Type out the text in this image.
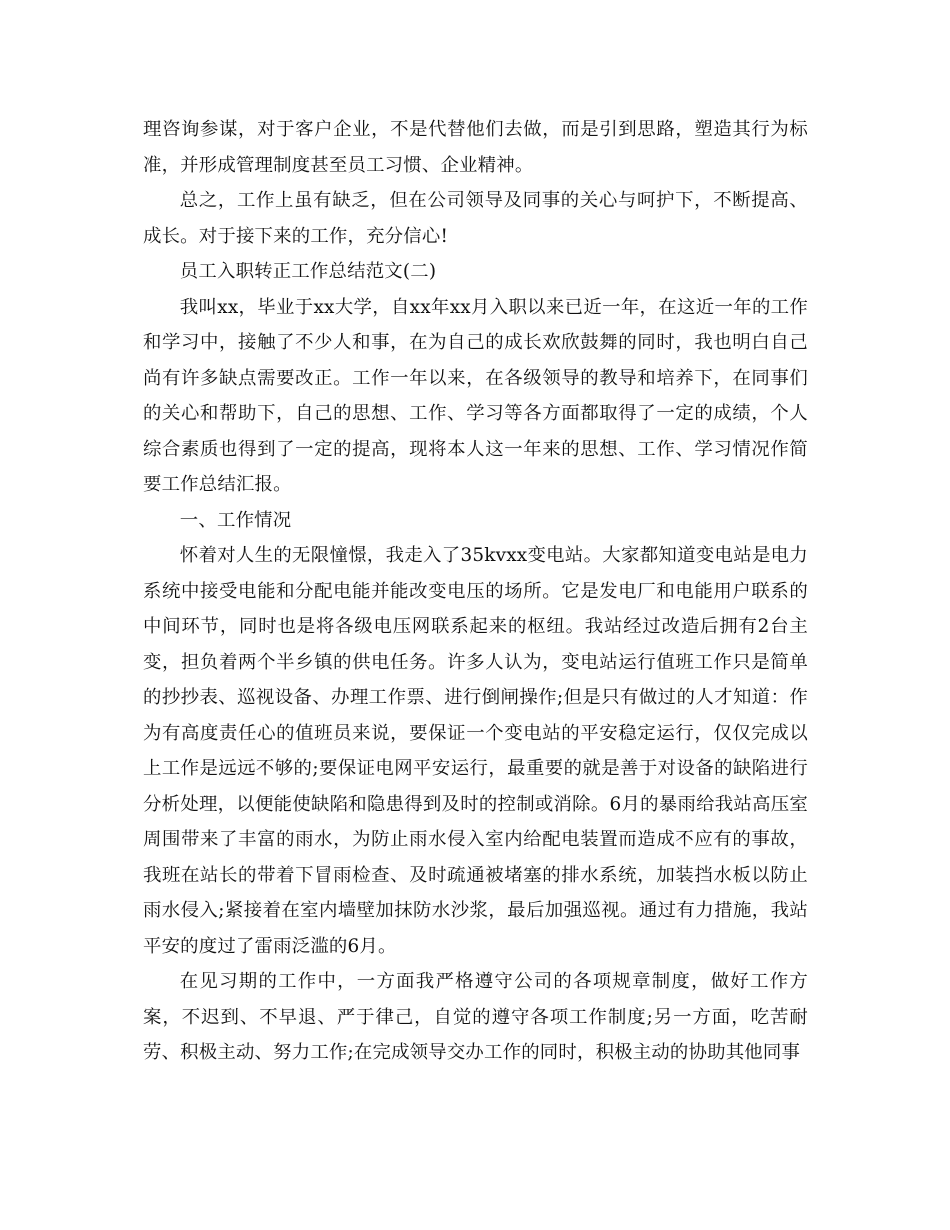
理咨询参谋，对于客户企业，不是代替他们去做，而是引到思路，塑造其行为标准，并形成管理制度甚至员工习惯、企业精神。

总之，工作上虽有缺乏，但在公司领导及同事的关心与呵护下，不断提高、成长。对于接下来的工作，充分信心!

员工入职转正工作总结范文(二)

我叫xx，毕业于xx大学，自xx年xx月入职以来已近一年，在这近一年的工作和学习中，接触了不少人和事，在为自己的成长欢欣鼓舞的同时，我也明白自己尚有许多缺点需要改正。工作一年以来，在各级领导的教导和培养下，在同事们的关心和帮助下，自己的思想、工作、学习等各方面都取得了一定的成绩，个人综合素质也得到了一定的提高，现将本人这一年来的思想、工作、学习情况作简要工作总结汇报。

一、工作情况

怀着对人生的无限憧憬，我走入了35kvxx变电站。大家都知道变电站是电力系统中接受电能和分配电能并能改变电压的场所。它是发电厂和电能用户联系的中间环节，同时也是将各级电压网联系起来的枢纽。我站经过改造后拥有2台主变，担负着两个半乡镇的供电任务。许多人认为，变电站运行值班工作只是简单的抄抄表、巡视设备、办理工作票、进行倒闸操作;但是只有做过的人才知道：作为有高度责任心的值班员来说，要保证一个变电站的平安稳定运行，仅仅完成以上工作是远远不够的;要保证电网平安运行，最重要的就是善于对设备的缺陷进行分析处理，以便能使缺陷和隐患得到及时的控制或消除。6月的暴雨给我站高压室周围带来了丰富的雨水，为防止雨水侵入室内给配电装置而造成不应有的事故，我班在站长的带着下冒雨检查、及时疏通被堵塞的排水系统，加装挡水板以防止雨水侵入;紧接着在室内墙壁加抹防水沙浆，最后加强巡视。通过有力措施，我站平安的度过了雷雨泛滥的6月。

在见习期的工作中，一方面我严格遵守公司的各项规章制度，做好工作方案，不迟到、不早退、严于律己，自觉的遵守各项工作制度;另一方面，吃苦耐劳、积极主动、努力工作;在完成领导交办工作的同时，积极主动的协助其他同事
